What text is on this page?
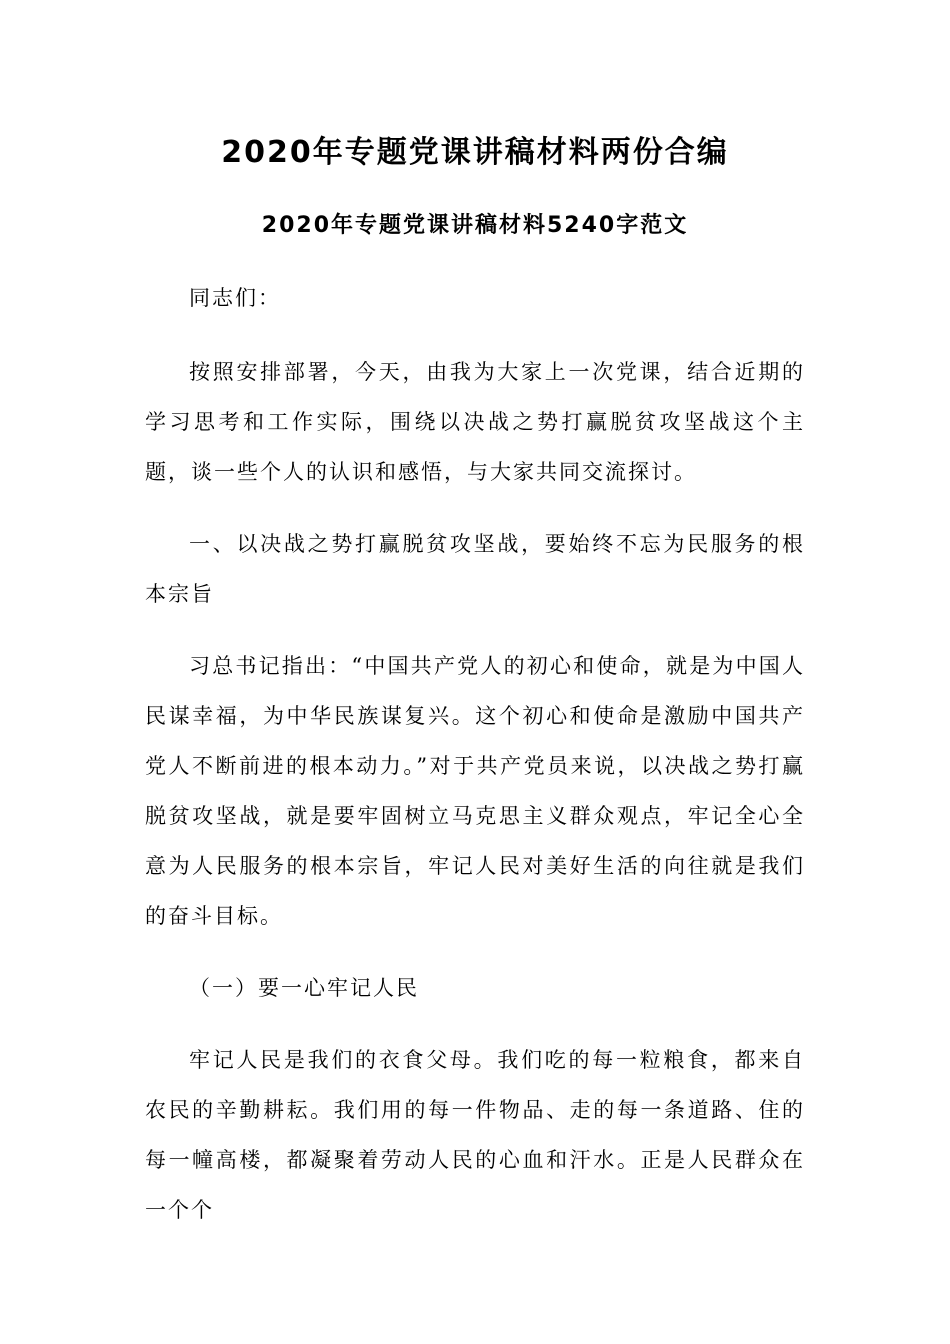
2020年专题党课讲稿材料两份合编
2020年专题党课讲稿材料5240字范文

同志们：

按照安排部署，今天，由我为大家上一次党课，结合近期的学习思考和工作实际，围绕以决战之势打赢脱贫攻坚战这个主题，谈一些个人的认识和感悟，与大家共同交流探讨。

一、以决战之势打赢脱贫攻坚战，要始终不忘为民服务的根本宗旨

习总书记指出：“中国共产党人的初心和使命，就是为中国人民谋幸福，为中华民族谋复兴。这个初心和使命是激励中国共产党人不断前进的根本动力。”对于共产党员来说，以决战之势打赢脱贫攻坚战，就是要牢固树立马克思主义群众观点，牢记全心全意为人民服务的根本宗旨，牢记人民对美好生活的向往就是我们的奋斗目标。

（一）要一心牢记人民

牢记人民是我们的衣食父母。我们吃的每一粒粮食，都来自农民的辛勤耕耘。我们用的每一件物品、走的每一条道路、住的每一幢高楼，都凝聚着劳动人民的心血和汗水。正是人民群众在一个个
